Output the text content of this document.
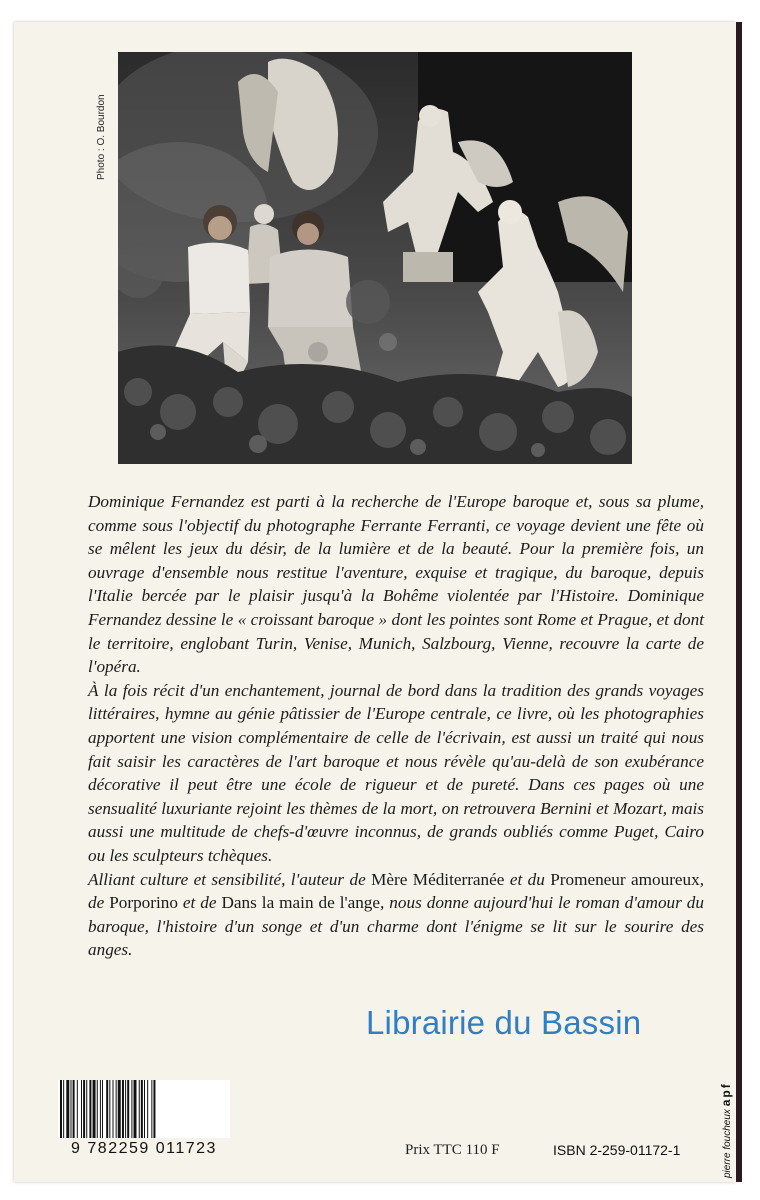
Photo : O. Bourdon

Dominique Fernandez est parti à la recherche de l'Europe baroque et, sous sa plume, comme sous l'objectif du photographe Ferrante Ferranti, ce voyage devient une fête où se mêlent les jeux du désir, de la lumière et de la beauté. Pour la première fois, un ouvrage d'ensemble nous restitue l'aventure, exquise et tragique, du baroque, depuis l'Italie bercée par le plaisir jusqu'à la Bohême violentée par l'Histoire. Dominique Fernandez dessine le « croissant baroque » dont les pointes sont Rome et Prague, et dont le territoire, englobant Turin, Venise, Munich, Salzbourg, Vienne, recouvre la carte de l'opéra.

À la fois récit d'un enchantement, journal de bord dans la tradition des grands voyages littéraires, hymne au génie pâtissier de l'Europe centrale, ce livre, où les photographies apportent une vision complémentaire de celle de l'écrivain, est aussi un traité qui nous fait saisir les caractères de l'art baroque et nous révèle qu'au-delà de son exubérance décorative il peut être une école de rigueur et de pureté. Dans ces pages où une sensualité luxuriante rejoint les thèmes de la mort, on retrouvera Bernini et Mozart, mais aussi une multitude de chefs-d'œuvre inconnus, de grands oubliés comme Puget, Cairo ou les sculpteurs tchèques.

Alliant culture et sensibilité, l'auteur de Mère Méditerranée et du Promeneur amoureux, de Porporino et de Dans la main de l'ange, nous donne aujourd'hui le roman d'amour du baroque, l'histoire d'un songe et d'un charme dont l'énigme se lit sur le sourire des anges.

Librairie du Bassin
9 782259 011723	Prix TTC 110 F	ISBN 2-259-01172-1	pierre foucheux apf
